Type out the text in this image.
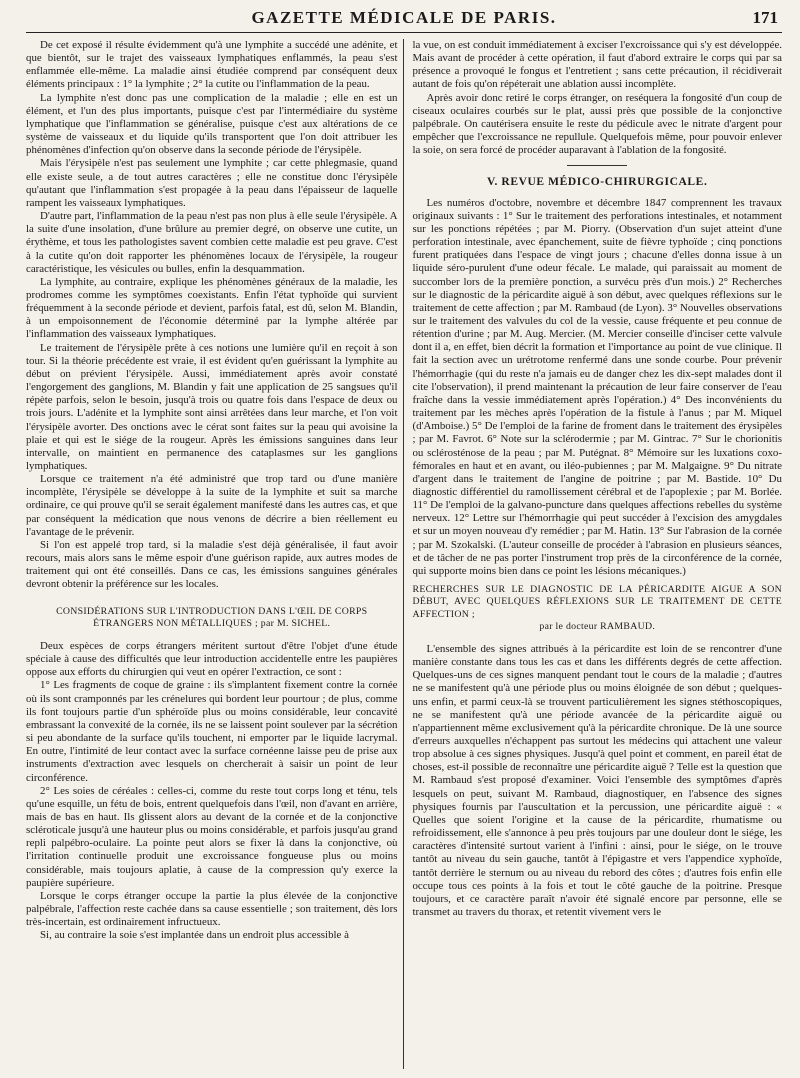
GAZETTE MÉDICALE DE PARIS.	171

De cet exposé il résulte évidemment qu'à une lymphite a succédé une adénite, et que bientôt, sur le trajet des vaisseaux lymphatiques enflammés, la peau s'est enflammée elle-même. La maladie ainsi étudiée comprend par conséquent deux éléments principaux : 1° la lymphite ; 2° la cutite ou l'inflammation de la peau.

La lymphite n'est donc pas une complication de la maladie ; elle en est un élément, et l'un des plus importants, puisque c'est par l'intermédiaire du système lymphatique que l'inflammation se généralise, puisque c'est aux altérations de ce système de vaisseaux et du liquide qu'ils transportent que l'on doit attribuer les phénomènes d'infection qu'on observe dans la seconde période de l'érysipèle.

Mais l'érysipèle n'est pas seulement une lymphite ; car cette phlegmasie, quand elle existe seule, a de tout autres caractères ; elle ne constitue donc l'érysipèle qu'autant que l'inflammation s'est propagée à la peau dans l'épaisseur de laquelle rampent les vaisseaux lymphatiques.

D'autre part, l'inflammation de la peau n'est pas non plus à elle seule l'érysipèle. A la suite d'une insolation, d'une brûlure au premier degré, on observe une cutite, un érythème, et tous les pathologistes savent combien cette maladie est peu grave. C'est à la cutite qu'on doit rapporter les phénomènes locaux de l'érysipèle, la rougeur caractéristique, les vésicules ou bulles, enfin la desquammation.

La lymphite, au contraire, explique les phénomènes généraux de la maladie, les prodromes comme les symptômes coexistants. Enfin l'état typhoïde qui survient fréquemment à la seconde période et devient, parfois fatal, est dû, selon M. Blandin, à un empoisonnement de l'économie déterminé par la lymphe altérée par l'inflammation des vaisseaux lymphatiques.

Le traitement de l'érysipèle prête à ces notions une lumière qu'il en reçoit à son tour. Si la théorie précédente est vraie, il est évident qu'en guérissant la lymphite au début on prévient l'érysipèle. Aussi, immédiatement après avoir constaté l'engorgement des ganglions, M. Blandin y fait une application de 25 sangsues qu'il répète parfois, selon le besoin, jusqu'à trois ou quatre fois dans l'espace de deux ou trois jours. L'adénite et la lymphite sont ainsi arrêtées dans leur marche, et l'on voit l'érysipèle avorter. Des onctions avec le cérat sont faites sur la peau qui avoisine la plaie et qui est le siége de la rougeur. Après les émissions sanguines dans leur intervalle, on maintient en permanence des cataplasmes sur les ganglions lymphatiques.

Lorsque ce traitement n'a été administré que trop tard ou d'une manière incomplète, l'érysipèle se développe à la suite de la lymphite et suit sa marche ordinaire, ce qui prouve qu'il se serait également manifesté dans les autres cas, et que par conséquent la médication que nous venons de décrire a bien réellement eu l'avantage de le prévenir.

Si l'on est appelé trop tard, si la maladie s'est déjà généralisée, il faut avoir recours, mais alors sans le même espoir d'une guérison rapide, aux autres modes de traitement qui ont été conseillés. Dans ce cas, les émissions sanguines générales devront obtenir la préférence sur les locales.

CONSIDÉRATIONS SUR L'INTRODUCTION DANS L'ŒIL DE CORPS ÉTRANGERS NON MÉTALLIQUES ; par M. SICHEL.

Deux espèces de corps étrangers méritent surtout d'être l'objet d'une étude spéciale à cause des difficultés que leur introduction accidentelle entre les paupières oppose aux efforts du chirurgien qui veut en opérer l'extraction, ce sont :

1° Les fragments de coque de graine : ils s'implantent fixement contre la cornée où ils sont cramponnés par les crénelures qui bordent leur pourtour ; de plus, comme ils font toujours partie d'un sphéroïde plus ou moins considérable, leur concavité embrassant la convexité de la cornée, ils ne se laissent point soulever par la sécrétion si peu abondante de la surface qu'ils touchent, ni emporter par le liquide lacrymal. En outre, l'intimité de leur contact avec la surface cornéenne laisse peu de prise aux instruments d'extraction avec lesquels on chercherait à saisir un point de leur circonférence.

2° Les soies de céréales : celles-ci, comme du reste tout corps long et ténu, tels qu'une esquille, un fétu de bois, entrent quelquefois dans l'œil, non d'avant en arrière, mais de bas en haut. Ils glissent alors au devant de la cornée et de la conjonctive scléroticale jusqu'à une hauteur plus ou moins considérable, et parfois jusqu'au grand repli palpébro-oculaire. La pointe peut alors se fixer là dans la conjonctive, où l'irritation continuelle produit une excroissance fongueuse plus ou moins considérable, mais toujours aplatie, à cause de la compression qu'y exerce la paupière supérieure.

Lorsque le corps étranger occupe la partie la plus élevée de la conjonctive palpébrale, l'affection reste cachée dans sa cause essentielle ; son traitement, dès lors très-incertain, est ordinairement infructueux.

Si, au contraire la soie s'est implantée dans un endroit plus accessible à

la vue, on est conduit immédiatement à exciser l'excroissance qui s'y est développée. Mais avant de procéder à cette opération, il faut d'abord extraire le corps qui par sa présence a provoqué le fongus et l'entretient ; sans cette précaution, il récidiverait autant de fois qu'on répéterait une ablation aussi incomplète.

Après avoir donc retiré le corps étranger, on reséquera la fongosité d'un coup de ciseaux oculaires courbés sur le plat, aussi près que possible de la conjonctive palpébrale. On cautérisera ensuite le reste du pédicule avec le nitrate d'argent pour empêcher que l'excroissance ne repullule. Quelquefois même, pour pouvoir enlever la soie, on sera forcé de procéder auparavant à l'ablation de la fongosité.

V. REVUE MÉDICO-CHIRURGICALE.

Les numéros d'octobre, novembre et décembre 1847 comprennent les travaux originaux suivants : 1° Sur le traitement des perforations intestinales, et notamment sur les ponctions répétées ; par M. Piorry. (Observation d'un sujet atteint d'une perforation intestinale, avec épanchement, suite de fièvre typhoïde ; cinq ponctions furent pratiquées dans l'espace de vingt jours ; chacune d'elles donna issue à un liquide séro-purulent d'une odeur fécale. Le malade, qui paraissait au moment de succomber lors de la première ponction, a survécu près d'un mois.) 2° Recherches sur le diagnostic de la péricardite aiguë à son début, avec quelques réflexions sur le traitement de cette affection ; par M. Rambaud (de Lyon). 3° Nouvelles observations sur le traitement des valvules du col de la vessie, cause fréquente et peu connue de rétention d'urine ; par M. Aug. Mercier. (M. Mercier conseille d'inciser cette valvule dont il a, en effet, bien décrit la formation et l'importance au point de vue clinique. Il fait la section avec un urétrotome renfermé dans une sonde courbe. Pour prévenir l'hémorrhagie (qui du reste n'a jamais eu de danger chez les dix-sept malades dont il cite l'observation), il prend maintenant la précaution de leur faire conserver de l'eau fraîche dans la vessie immédiatement après l'opération.) 4° Des inconvénients du traitement par les mèches après l'opération de la fistule à l'anus ; par M. Miquel (d'Amboise.) 5° De l'emploi de la farine de froment dans le traitement des érysipèles ; par M. Favrot. 6° Note sur la sclérodermie ; par M. Gintrac. 7° Sur le chorionitis ou sclérosténose de la peau ; par M. Putégnat. 8° Mémoire sur les luxations coxo-fémorales en haut et en avant, ou iléo-pubiennes ; par M. Malgaigne. 9° Du nitrate d'argent dans le traitement de l'angine de poitrine ; par M. Bastide. 10° Du diagnostic différentiel du ramollissement cérébral et de l'apoplexie ; par M. Borlée. 11° De l'emploi de la galvano-puncture dans quelques affections rebelles du système nerveux. 12° Lettre sur l'hémorrhagie qui peut succéder à l'excision des amygdales et sur un moyen nouveau d'y remédier ; par M. Hatin. 13° Sur l'abrasion de la cornée ; par M. Szokalski. (L'auteur conseille de procéder à l'abrasion en plusieurs séances, et de tâcher de ne pas porter l'instrument trop près de la circonférence de la cornée, qui supporte moins bien dans ce point les lésions mécaniques.)

RECHERCHES SUR LE DIAGNOSTIC DE LA PÉRICARDITE AIGUE A SON DÉBUT, AVEC QUELQUES RÉFLEXIONS SUR LE TRAITEMENT DE CETTE AFFECTION ;
par le docteur RAMBAUD.

L'ensemble des signes attribués à la péricardite est loin de se rencontrer d'une manière constante dans tous les cas et dans les différents degrés de cette affection. Quelques-uns de ces signes manquent pendant tout le cours de la maladie ; d'autres ne se manifestent qu'à une période plus ou moins éloignée de son début ; quelques-uns enfin, et parmi ceux-là se trouvent particulièrement les signes stéthoscopiques, ne se manifestent qu'à une période avancée de la péricardite aiguë ou n'appartiennent même exclusivement qu'à la péricardite chronique. De là une source d'erreurs auxquelles n'échappent pas surtout les médecins qui attachent une valeur trop absolue à ces signes physiques. Jusqu'à quel point et comment, en pareil état de choses, est-il possible de reconnaître une péricardite aiguë ? Telle est la question que M. Rambaud s'est proposé d'examiner. Voici l'ensemble des symptômes d'après lesquels on peut, suivant M. Rambaud, diagnostiquer, en l'absence des signes physiques fournis par l'auscultation et la percussion, une péricardite aiguë : « Quelles que soient l'origine et la cause de la péricardite, rhumatisme ou refroidissement, elle s'annonce à peu près toujours par une douleur dont le siége, les caractères d'intensité surtout varient à l'infini : ainsi, pour le siége, on le trouve tantôt au niveau du sein gauche, tantôt à l'épigastre et vers l'appendice xyphoïde, tantôt derrière le sternum ou au niveau du rebord des côtes ; d'autres fois enfin elle occupe tous ces points à la fois et tout le côté gauche de la poitrine. Presque toujours, et ce caractère paraît n'avoir été signalé encore par personne, elle se transmet au travers du thorax, et retentit vivement vers le
